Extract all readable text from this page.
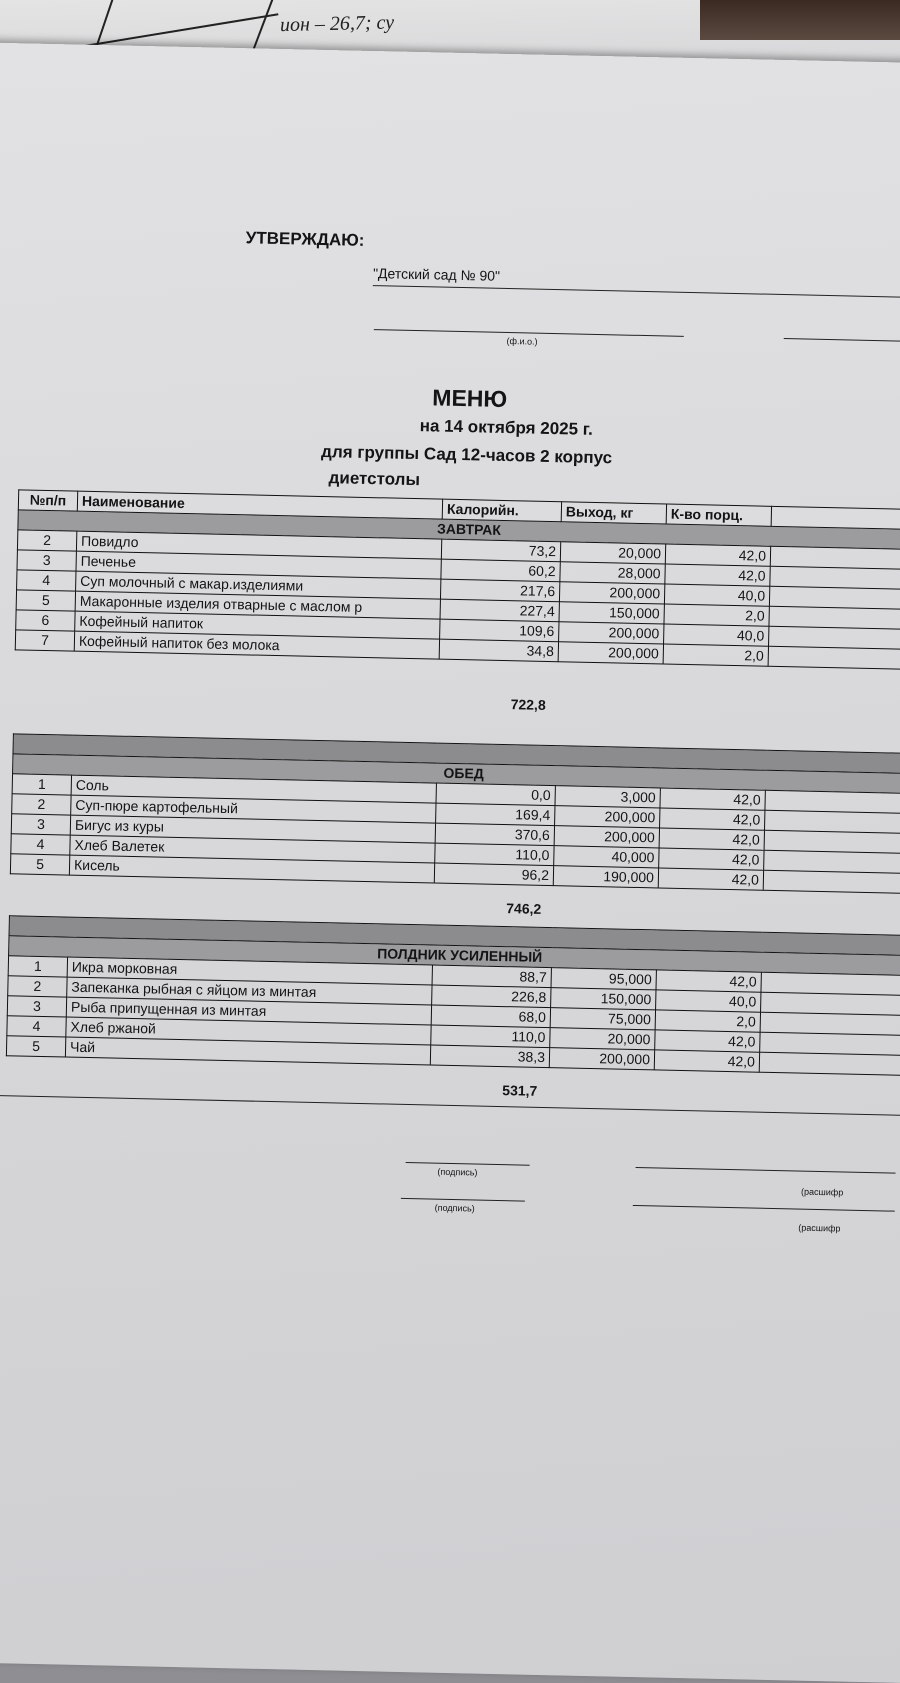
ион – 26,7; су
УТВЕРЖДАЮ:
"Детский сад № 90"
(ф.и.о.)
МЕНЮ
на 14 октября 2025 г.
для группы Сад 12-часов 2 корпус
диетстолы
№п/п	Наименование	Калорийн.	Выход, кг	К-во порц.	
ЗАВТРАК					
2	Повидло	73,2	20,000	42,0	
3	Печенье	60,2	28,000	42,0	
4	Суп молочный с макар.изделиями	217,6	200,000	40,0	
5	Макаронные изделия отварные с маслом р	227,4	150,000	2,0	
6	Кофейный напиток	109,6	200,000	40,0	
7	Кофейный напиток без молока	34,8	200,000	2,0	
722,8

ОБЕД					
1	Соль	0,0	3,000	42,0	
2	Суп-пюре картофельный	169,4	200,000	42,0	
3	Бигус из куры	370,6	200,000	42,0	
4	Хлеб Валетек	110,0	40,000	42,0	
5	Кисель	96,2	190,000	42,0	
746,2

ПОЛДНИК УСИЛЕННЫЙ					
1	Икра морковная	88,7	95,000	42,0	
2	Запеканка рыбная с яйцом из минтая	226,8	150,000	40,0	
3	Рыба припущенная из минтая	68,0	75,000	2,0	
4	Хлеб ржаной	110,0	20,000	42,0	
5	Чай	38,3	200,000	42,0	
531,7
(подпись)
(расшифр
(подпись)
(расшифр
